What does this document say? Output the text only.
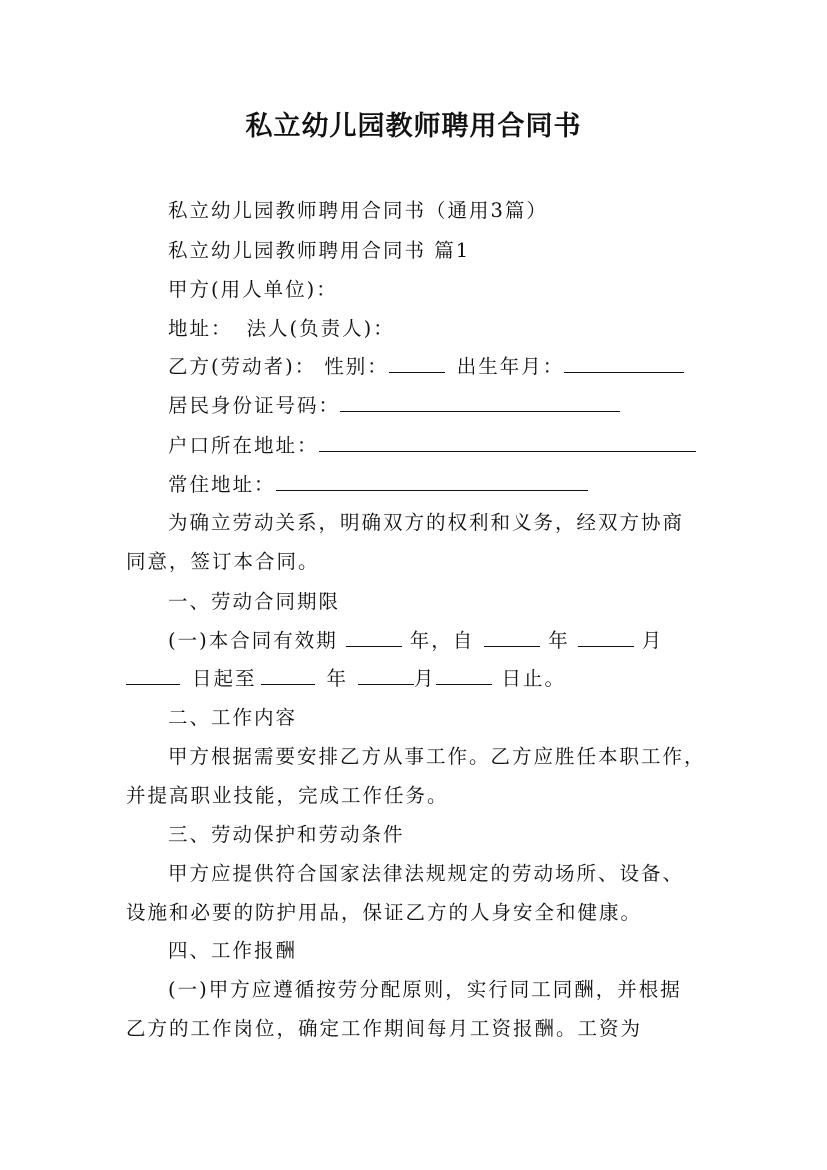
私立幼儿园教师聘用合同书
私立幼儿园教师聘用合同书（通用3篇）
私立幼儿园教师聘用合同书 篇1
甲方(用人单位)：
地址： 法人(负责人)：
乙方(劳动者)： 性别：	出生年月：
居民身份证号码：
户口所在地址：
常住地址：
为确立劳动关系，明确双方的权利和义务，经双方协商
同意，签订本合同。
一、劳动合同期限
(一)本合同有效期	年，自	年	月
日起至	年	月	日止。
二、工作内容
甲方根据需要安排乙方从事工作。乙方应胜任本职工作，
并提高职业技能，完成工作任务。
三、劳动保护和劳动条件
甲方应提供符合国家法律法规规定的劳动场所、设备、
设施和必要的防护用品，保证乙方的人身安全和健康。
四、工作报酬
(一)甲方应遵循按劳分配原则，实行同工同酬，并根据
乙方的工作岗位，确定工作期间每月工资报酬。工资为
